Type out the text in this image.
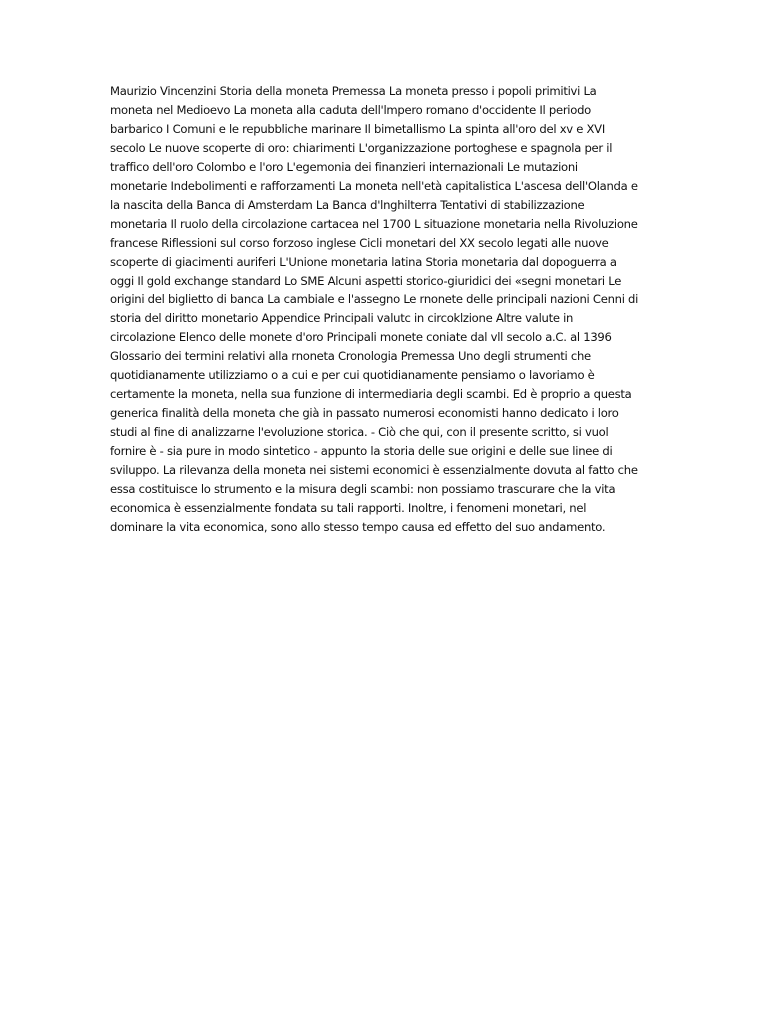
Maurizio Vincenzini Storia della moneta Premessa La moneta presso i popoli primitivi La
moneta nel Medioevo La moneta alla caduta dell'lmpero romano d'occidente Il periodo
barbarico I Comuni e le repubbliche marinare Il bimetallismo La spinta all'oro del xv e XVI
secolo Le nuove scoperte di oro: chiarimenti L'organizzazione portoghese e spagnola per il
traffico dell'oro Colombo e l'oro L'egemonia dei finanzieri internazionali Le mutazioni
monetarie Indebolimenti e rafforzamenti La moneta nell'età capitalistica L'ascesa dell'Olanda e
la nascita della Banca di Amsterdam La Banca d'lnghilterra Tentativi di stabilizzazione
monetaria Il ruolo della circolazione cartacea nel 1700 L situazione monetaria nella Rivoluzione
francese Riflessioni sul corso forzoso inglese Cicli monetari del XX secolo legati alle nuove
scoperte di giacimenti auriferi L'Unione monetaria latina Storia monetaria dal dopoguerra a
oggi Il gold exchange standard Lo SME Alcuni aspetti storico-giuridici dei «segni monetari Le
origini del biglietto di banca La cambiale e l'assegno Le rnonete delle principali nazioni Cenni di
storia del diritto monetario Appendice Principali valutc in circoklzione Altre valute in
circolazione Elenco delle monete d'oro Principali monete coniate dal vll secolo a.C. al 1396
Glossario dei termini relativi alla rnoneta Cronologia Premessa Uno degli strumenti che
quotidianamente utilizziamo o a cui e per cui quotidianamente pensiamo o lavoriamo è
certamente la moneta, nella sua funzione di intermediaria degli scambi. Ed è proprio a questa
generica finalità della moneta che già in passato numerosi economisti hanno dedicato i loro
studi al fine di analizzarne l'evoluzione storica. - Ciò che qui, con il presente scritto, si vuol
fornire è - sia pure in modo sintetico - appunto la storia delle sue origini e delle sue linee di
sviluppo. La rilevanza della moneta nei sistemi economici è essenzialmente dovuta al fatto che
essa costituisce lo strumento e la misura degli scambi: non possiamo trascurare che la vita
economica è essenzialmente fondata su tali rapporti. Inoltre, i fenomeni monetari, nel
dominare la vita economica, sono allo stesso tempo causa ed effetto del suo andamento.
